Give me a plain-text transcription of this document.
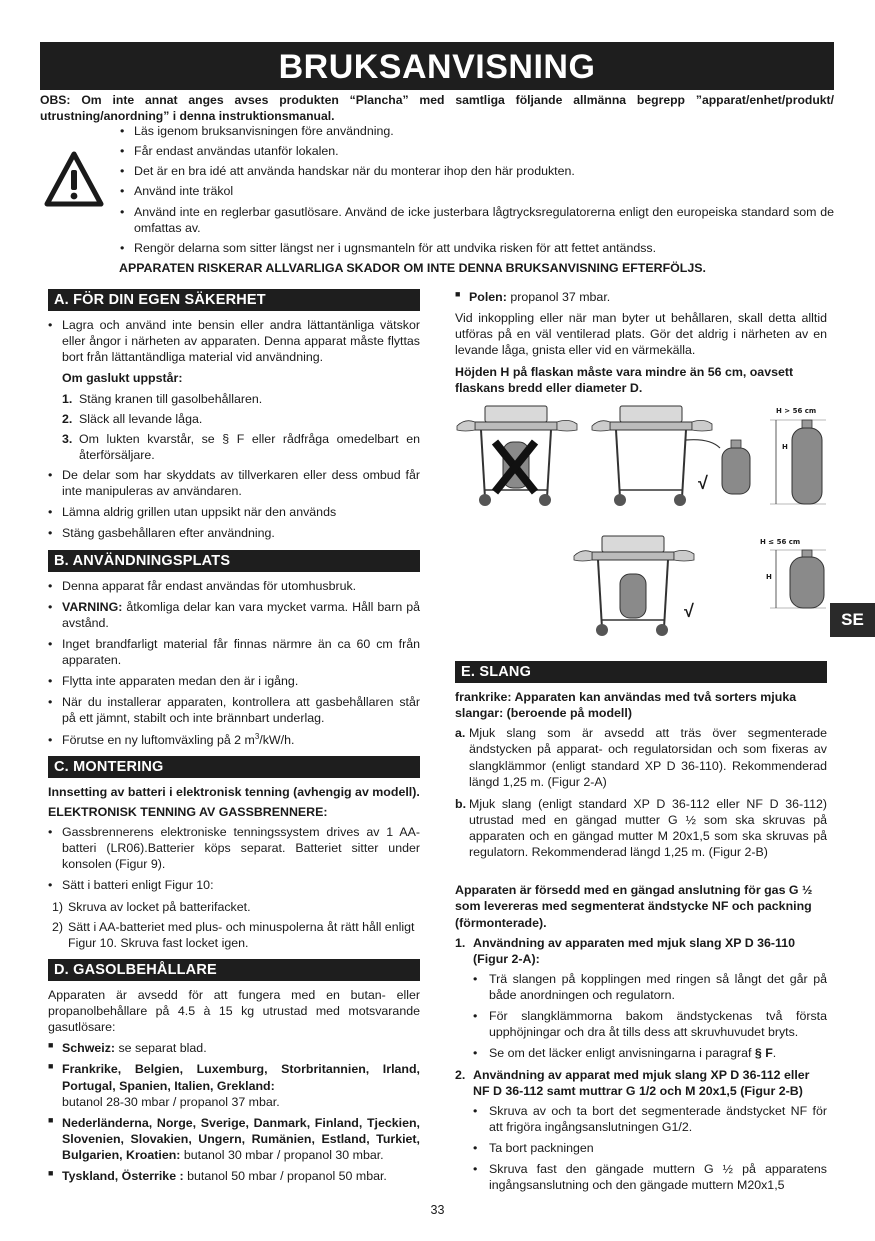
BRUKSANVISNING
OBS: Om inte annat anges avses produkten “Plancha” med samtliga följande allmänna begrepp ”apparat/enhet/produkt/ utrustning/anordning” i denna instruktionsmanual.
• Läs igenom bruksanvisningen före användning.
• Får endast användas utanför lokalen.
• Det är en bra idé att använda handskar när du monterar ihop den här produkten.
• Använd inte träkol
• Använd inte en reglerbar gasutlösare. Använd de icke justerbara lågtrycksregulatorerna enligt den europeiska standard som de omfattas av.
• Rengör delarna som sitter längst ner i ugnsmanteln för att undvika risken för att fettet antändss.
APPARATEN RISKERAR ALLVARLIGA SKADOR OM INTE DENNA BRUKSANVISNING EFTERFÖLJS.
A. FÖR DIN EGEN SÄKERHET
• Lagra och använd inte bensin eller andra lättantänliga vätskor eller ångor i närheten av apparaten. Denna apparat måste flyttas bort från lättantändliga material vid användning.
Om gaslukt uppstår:
1. Stäng kranen till gasolbehållaren.
2. Släck all levande låga.
3. Om lukten kvarstår, se § F eller rådfråga omedelbart en återförsäljare.
• De delar som har skyddats av tillverkaren eller dess ombud får inte manipuleras av användaren.
• Lämna aldrig grillen utan uppsikt när den används
• Stäng gasbehållaren efter användning.
B. ANVÄNDNINGSPLATS
• Denna apparat får endast användas för utomhusbruk.
• VARNING: åtkomliga delar kan vara mycket varma. Håll barn på avstånd.
• Inget brandfarligt material får finnas närmre än ca 60 cm från apparaten.
• Flytta inte apparaten medan den är i igång.
• När du installerar apparaten, kontrollera att gasbehållaren står på ett jämnt, stabilt och inte brännbart underlag.
• Förutse en ny luftomväxling på 2 $m^3/kW/h$.
C. MONTERING
Innsetting av batteri i elektronisk tenning (avhengig av modell).
ELEKTRONISK TENNING AV GASSBRENNERE:
• Gassbrennerens elektroniske tenningssystem drives av 1 AA-batteri (LR06).Batterier köps separat. Batteriet sitter under konsolen (Figur 9).
• Sätt i batteri enligt Figur 10:
1) Skruva av locket på batterifacket.
2) Sätt i AA-batteriet med plus- och minuspolerna åt rätt håll enligt Figur 10. Skruva fast locket igen.
D. GASOLBEHÅLLARE
Apparaten är avsedd för att fungera med en butan- eller propanolbehållare på 4.5 à 15 kg utrustad med motsvarande gasutlösare:
■ Schweiz: se separat blad.
■ Frankrike, Belgien, Luxemburg, Storbritannien, Irland, Portugal, Spanien, Italien, Grekland:
butanol 28-30 mbar / propanol 37 mbar.
■ Nederländerna, Norge, Sverige, Danmark, Finland, Tjeckien, Slovenien, Slovakien, Ungern, Rumänien, Estland, Turkiet, Bulgarien, Kroatien: butanol 30 mbar / propanol 30 mbar.
■ Tyskland, Österrike : butanol 50 mbar / propanol 50 mbar.
■ Polen: propanol 37 mbar.
Vid inkoppling eller när man byter ut behållaren, skall detta alltid utföras på en väl ventilerad plats. Gör det aldrig i närheten av en levande låga, gnista eller vid en värmekälla.
Höjden H på flaskan måste vara mindre än 56 cm, oavsett flaskans bredd eller diameter D.
√
H > 56 cm
H
√
H ≤ 56 cm
H
SE
E. SLANG
frankrike: Apparaten kan användas med två sorters mjuka slangar: (beroende på modell)
a. Mjuk slang som är avsedd att träs över segmenterade ändstycken på apparat- och regulatorsidan och som fixeras av slangklämmor (enligt standard XP D 36-110). Rekommenderad längd 1,25 m. (Figur 2-A)
b. Mjuk slang (enligt standard XP D 36-112 eller NF D 36-112) utrustad med en gängad mutter G ½ som ska skruvas på apparaten och en gängad mutter M 20x1,5 som ska skruvas på regulatorn. Rekommenderad längd 1,25 m. (Figur 2-B)
Apparaten är försedd med en gängad anslutning för gas G ½ som levereras med segmenterat ändstycke NF och packning (förmonterade).
1. Användning av apparaten med mjuk slang XP D 36-110 (Figur 2-A):
• Trä slangen på kopplingen med ringen så långt det går på både anordningen och regulatorn.
• För slangklämmorna bakom ändstyckenas två första upphöjningar och dra åt tills dess att skruvhuvudet bryts.
• Se om det läcker enligt anvisningarna i paragraf § F.
2. Användning av apparat med mjuk slang XP D 36-112 eller NF D 36-112 samt muttrar G 1/2 och M 20x1,5 (Figur 2-B)
• Skruva av och ta bort det segmenterade ändstycket NF för att frigöra ingångsanslutningen G1/2.
• Ta bort packningen
• Skruva fast den gängade muttern G ½ på apparatens ingångsanslutning och den gängade muttern M20x1,5
33
